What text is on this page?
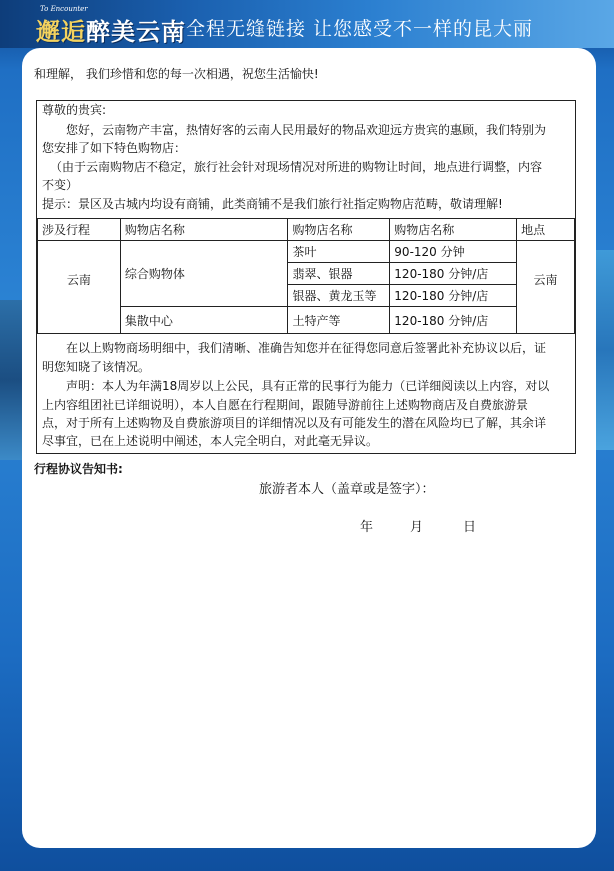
To Encounter
邂逅醉美云南 全程无缝链接 让您感受不一样的昆大丽
和理解， 我们珍惜和您的每一次相遇，祝您生活愉快!
尊敬的贵宾:
您好，云南物产丰富，热情好客的云南人民用最好的物品欢迎远方贵宾的惠顾，我们特别为
您安排了如下特色购物店：
（由于云南购物店不稳定，旅行社会针对现场情况对所进的购物让时间，地点进行调整，内容
不变）
提示：景区及古城内均设有商铺，此类商铺不是我们旅行社指定购物店范畴，敬请理解!
涉及行程	购物店名称	购物店名称	购物店名称	地点
云南	综合购物体	茶叶	90-120 分钟	云南
		翡翠、银器	120-180 分钟/店	
		银器、黄龙玉等	120-180 分钟/店	
	集散中心	土特产等	120-180 分钟/店	
在以上购物商场明细中，我们清晰、准确告知您并在征得您同意后签署此补充协议以后，证
明您知晓了该情况。
声明：本人为年满18周岁以上公民，具有正常的民事行为能力（已详细阅读以上内容，对以
上内容组团社已详细说明），本人自愿在行程期间，跟随导游前往上述购物商店及自费旅游景
点，对于所有上述购物及自费旅游项目的详细情况以及有可能发生的潜在风险均已了解，其余详
尽事宜，已在上述说明中阐述，本人完全明白，对此毫无异议。
行程协议告知书:
旅游者本人（盖章或是签字）：
年	月	日
